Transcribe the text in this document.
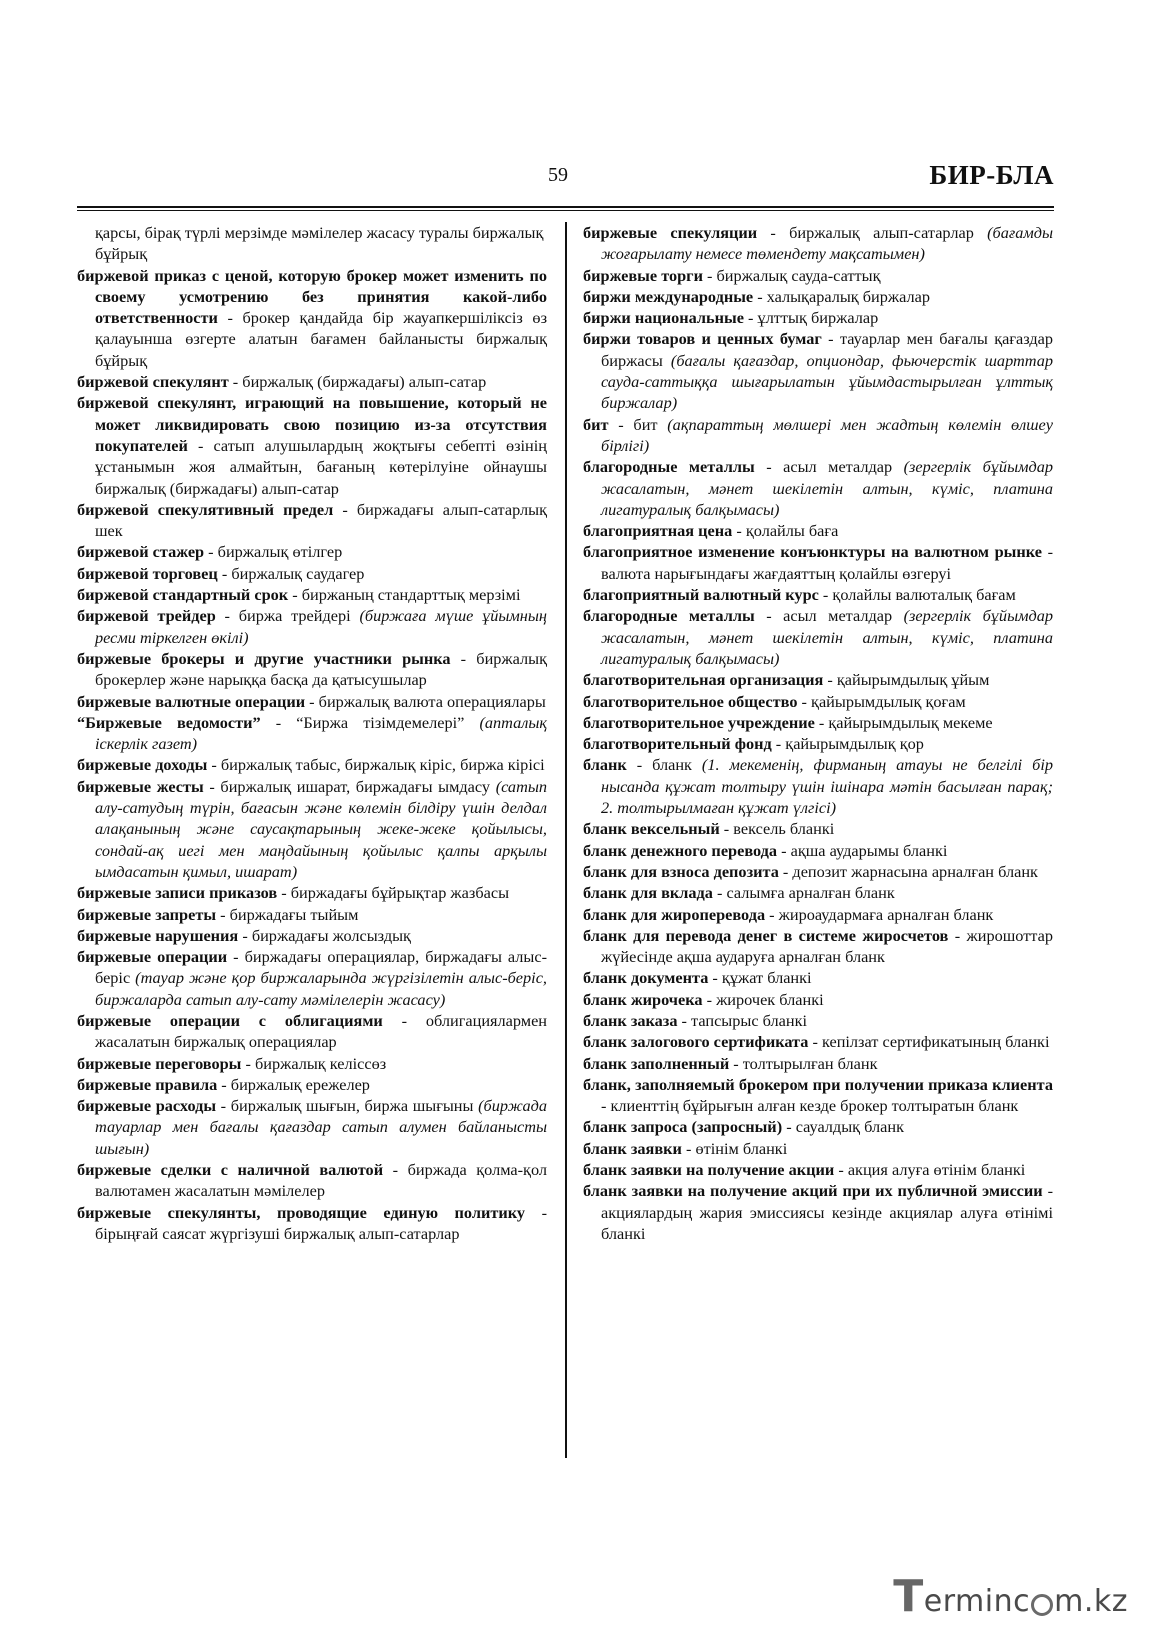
59	БИР-БЛА
қарсы, бірақ түрлі мерзімде мәмілелер жасасу туралы биржалық бұйрық
биржевой приказ с ценой, которую брокер может изменить по своему усмотрению без принятия какой-либо ответственности - брокер қандайда бір жауапкершіліксіз өз қалауынша өзгерте алатын бағамен байланысты биржалық бұйрық
биржевой спекулянт - биржалық (биржадағы) алып-сатар
биржевой спекулянт, играющий на повышение, который не может ликвидировать свою позицию из-за отсутствия покупателей - сатып алушылардың жоқтығы себепті өзінің ұстанымын жоя алмайтын, бағаның көтерілуіне ойнаушы биржалық (биржадағы) алып-сатар
биржевой спекулятивный предел - биржадағы алып-сатарлық шек
биржевой стажер - биржалық өтілгер
биржевой торговец - биржалық саудагер
биржевой стандартный срок - биржаның стандарттық мерзімі
биржевой трейдер - биржа трейдері (биржаға мүше ұйымның ресми тіркелген өкілі)
биржевые брокеры и другие участники рынка - биржалық брокерлер және нарыққа басқа да қатысушылар
биржевые валютные операции - биржалық валюта операциялары
“Биржевые ведомости” - “Биржа тізімдемелері” (апталық іскерлік газет)
биржевые доходы - биржалық табыс, биржалық кіріс, биржа кірісі
биржевые жесты - биржалық ишарат, биржадағы ымдасу (сатып алу-сатудың түрін, бағасын және көлемін білдіру үшін делдал алақанының және саусақтарының жеке-жеке қойылысы, сондай-ақ иегі мен маңдайының қойылыс қалпы арқылы ымдасатын қимыл, ишарат)
биржевые записи приказов - биржадағы бұйрықтар жазбасы
биржевые запреты - биржадағы тыйым
биржевые нарушения - биржадағы жолсыздық
биржевые операции - биржадағы операциялар, биржадағы алыс-беріс (тауар және қор биржаларында жүргізілетін алыс-беріс, биржаларда сатып алу-сату мәмілелерін жасасу)
биржевые операции с облигациями - облигациялармен жасалатын биржалық операциялар
биржевые переговоры - биржалық келіссөз
биржевые правила - биржалық ережелер
биржевые расходы - биржалық шығын, биржа шығыны (биржада тауарлар мен бағалы қағаздар сатып алумен байланысты шығын)
биржевые сделки с наличной валютой - биржада қолма-қол валютамен жасалатын мәмілелер
биржевые спекулянты, проводящие единую политику - бірыңғай саясат жүргізуші биржалық алып-сатарлар
биржевые спекуляции - биржалық алып-сатарлар (бағамды жоғарылату немесе төмендету мақсатымен)
биржевые торги - биржалық сауда-саттық
биржи международные - халықаралық биржалар
биржи национальные - ұлттық биржалар
биржи товаров и ценных бумаг - тауарлар мен бағалы қағаздар биржасы (бағалы қағаздар, опциондар, фьючерстік шарттар сауда-саттыққа шығарылатын ұйымдастырылған ұлттық биржалар)
бит - бит (ақпараттың мөлшері мен жадтың көлемін өлшеу бірлігі)
благородные металлы - асыл металдар (зергерлік бұйымдар жасалатын, мәнет шекілетін алтын, күміс, платина лигатуралық балқымасы)
благоприятная цена - қолайлы баға
благоприятное изменение конъюнктуры на валютном рынке - валюта нарығындағы жағдаяттың қолайлы өзгеруі
благоприятный валютный курс - қолайлы валюталық бағам
благородные металлы - асыл металдар (зергерлік бұйымдар жасалатын, мәнет шекілетін алтын, күміс, платина лигатуралық балқымасы)
благотворительная организация - қайырымдылық ұйым
благотворительное общество - қайырымдылық қоғам
благотворительное учреждение - қайырымдылық мекеме
благотворительный фонд - қайырымдылық қор
бланк - бланк (1. мекеменің, фирманың атауы не белгілі бір нысанда құжат толтыру үшін ішінара мәтін басылған парақ; 2. толтырылмаған құжат үлгісі)
бланк вексельный - вексель бланкі
бланк денежного перевода - ақша аударымы бланкі
бланк для взноса депозита - депозит жарнасына арналған бланк
бланк для вклада - салымға арналған бланк
бланк для жироперевода - жироаудармаға арналған бланк
бланк для перевода денег в системе жиросчетов - жирошоттар жүйесінде ақша аударуға арналған бланк
бланк документа - құжат бланкі
бланк жирочека - жирочек бланкі
бланк заказа - тапсырыс бланкі
бланк залогового сертификата - кепілзат сертификатының бланкі
бланк заполненный - толтырылған бланк
бланк, заполняемый брокером при получении приказа клиента - клиенттің бұйрығын алған кезде брокер толтыратын бланк
бланк запроса (запросный) - сауалдық бланк
бланк заявки - өтінім бланкі
бланк заявки на получение акции - акция алуға өтінім бланкі
бланк заявки на получение акций при их публичной эмиссии - акциялардың жария эмиссиясы кезінде акциялар алуға өтінімі бланкі
T erminc m.kz
